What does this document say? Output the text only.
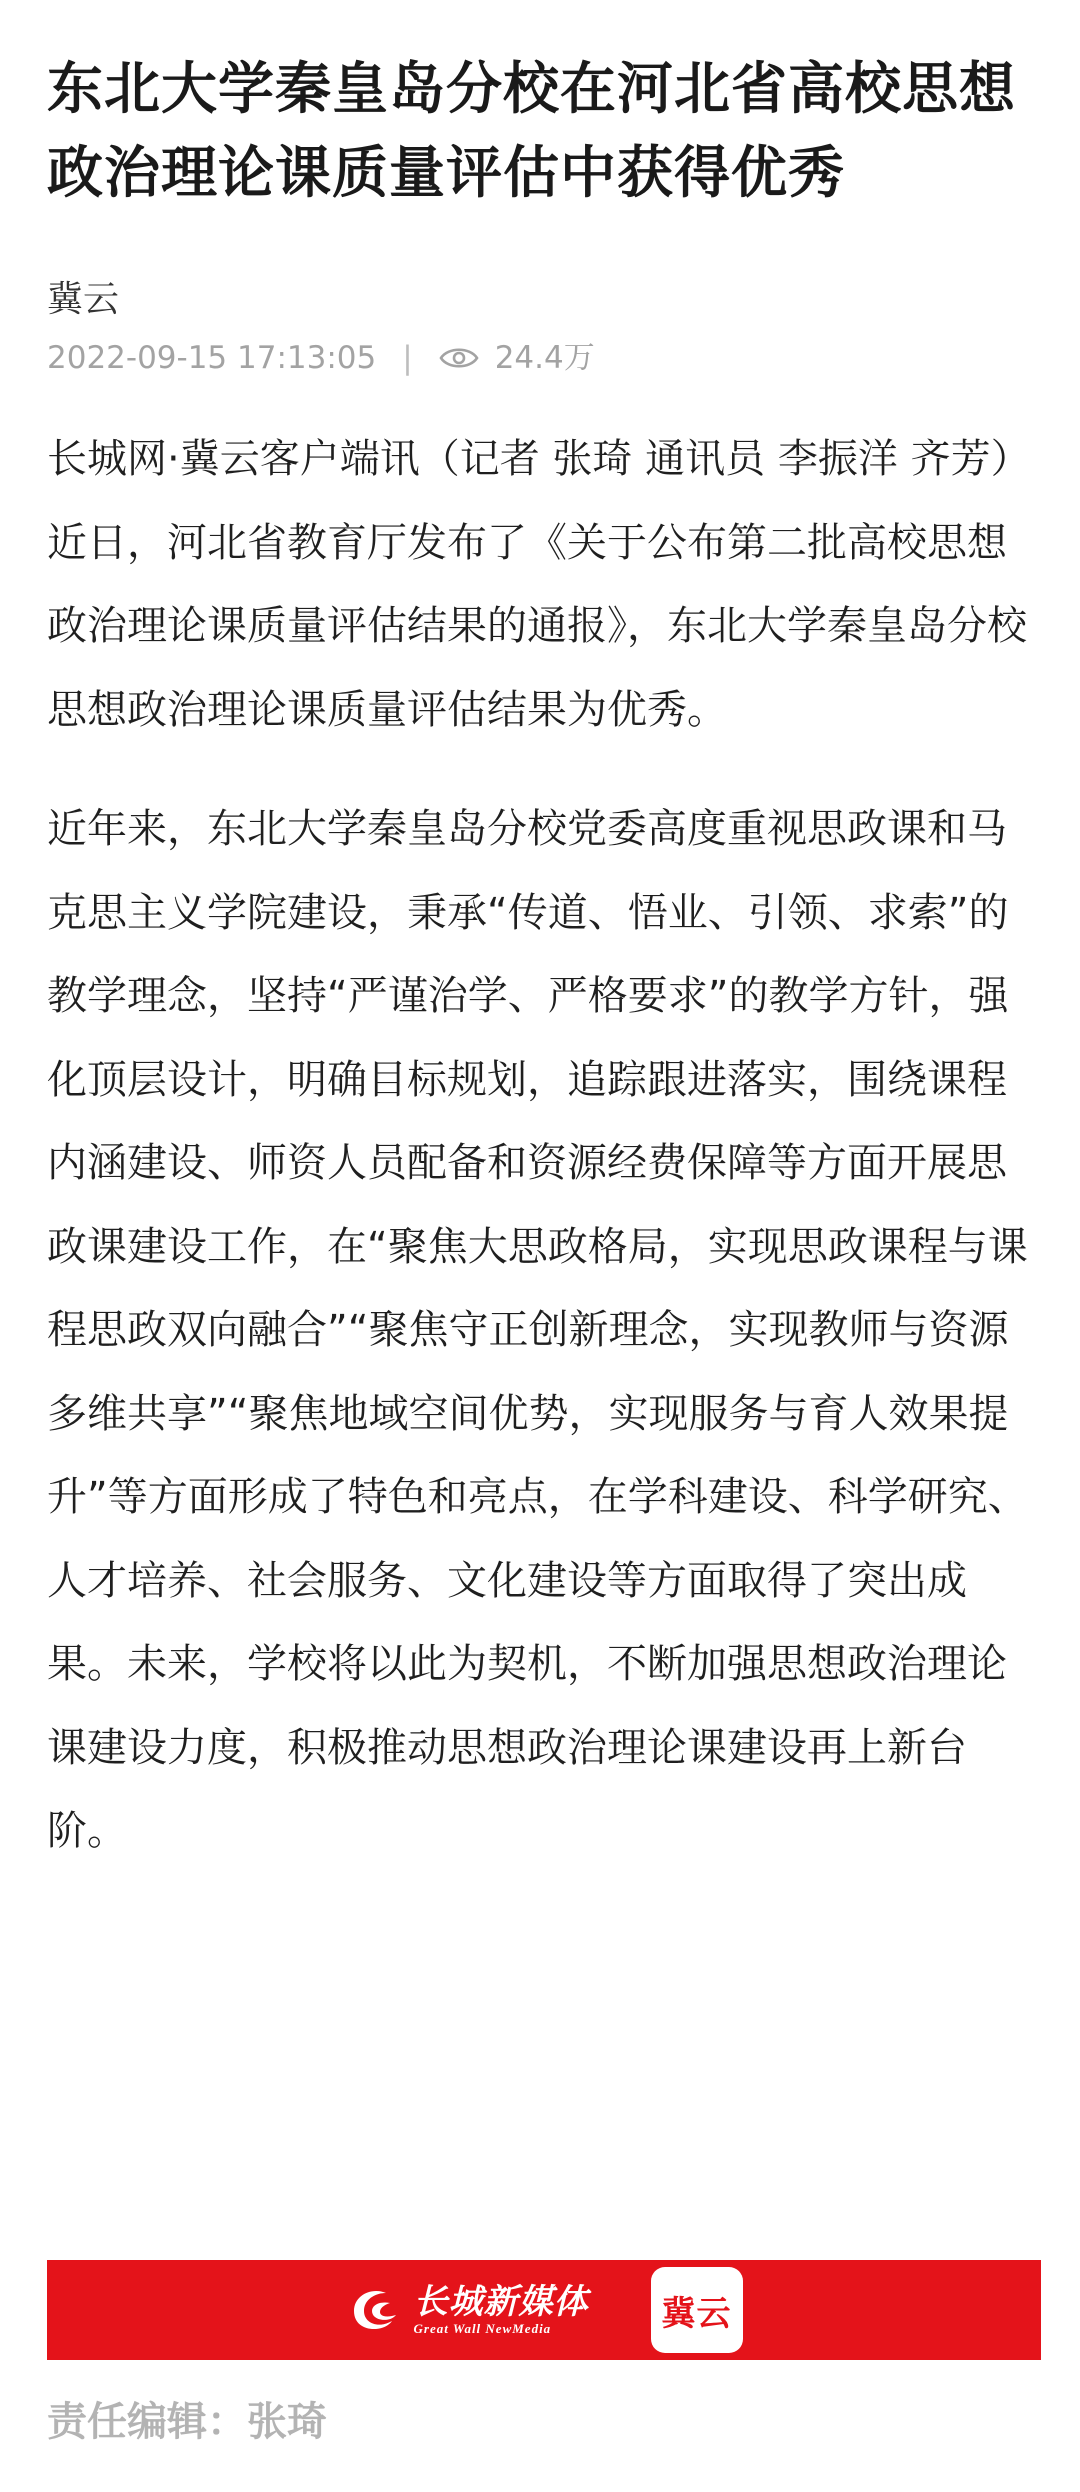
东北大学秦皇岛分校在河北省高校思想政治理论课质量评估中获得优秀
冀云
2022-09-15 17:13:05 |	24.4万

长城网·冀云客户端讯（记者 张琦 通讯员 李振洋 齐芳）近日，河北省教育厅发布了《关于公布第二批高校思想政治理论课质量评估结果的通报》，东北大学秦皇岛分校思想政治理论课质量评估结果为优秀。

近年来，东北大学秦皇岛分校党委高度重视思政课和马克思主义学院建设，秉承“传道、悟业、引领、求索”的教学理念，坚持“严谨治学、严格要求”的教学方针，强化顶层设计，明确目标规划，追踪跟进落实，围绕课程内涵建设、师资人员配备和资源经费保障等方面开展思政课建设工作，在“聚焦大思政格局，实现思政课程与课程思政双向融合”“聚焦守正创新理念，实现教师与资源多维共享”“聚焦地域空间优势，实现服务与育人效果提升”等方面形成了特色和亮点，在学科建设、科学研究、人才培养、社会服务、文化建设等方面取得了突出成果。未来，学校将以此为契机，不断加强思想政治理论课建设力度，积极推动思想政治理论课建设再上新台阶。

长城新媒体
Great Wall NewMedia	冀云
责任编辑：张琦
